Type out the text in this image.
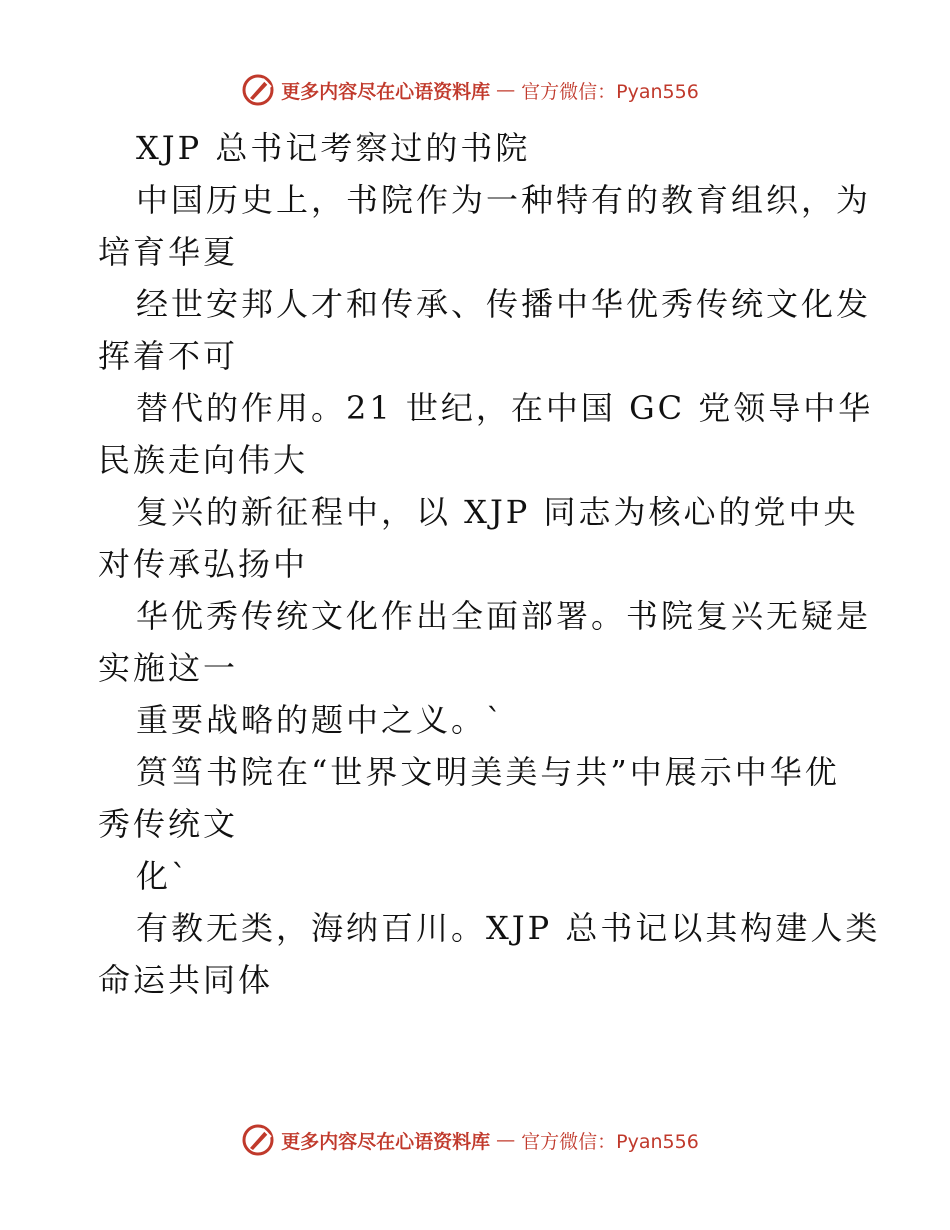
更多内容尽在心语资料库 — 官方微信：Pyan556
XJP 总书记考察过的书院
中国历史上，书院作为一种特有的教育组织，为
培育华夏
经世安邦人才和传承、传播中华优秀传统文化发
挥着不可
替代的作用。21 世纪，在中国 GC 党领导中华
民族走向伟大
复兴的新征程中，以 XJP 同志为核心的党中央
对传承弘扬中
华优秀传统文化作出全面部署。书院复兴无疑是
实施这一
重要战略的题中之义。`
筼筜书院在“世界文明美美与共”中展示中华优
秀传统文
化`
有教无类，海纳百川。XJP 总书记以其构建人类
命运共同体
更多内容尽在心语资料库 — 官方微信：Pyan556
